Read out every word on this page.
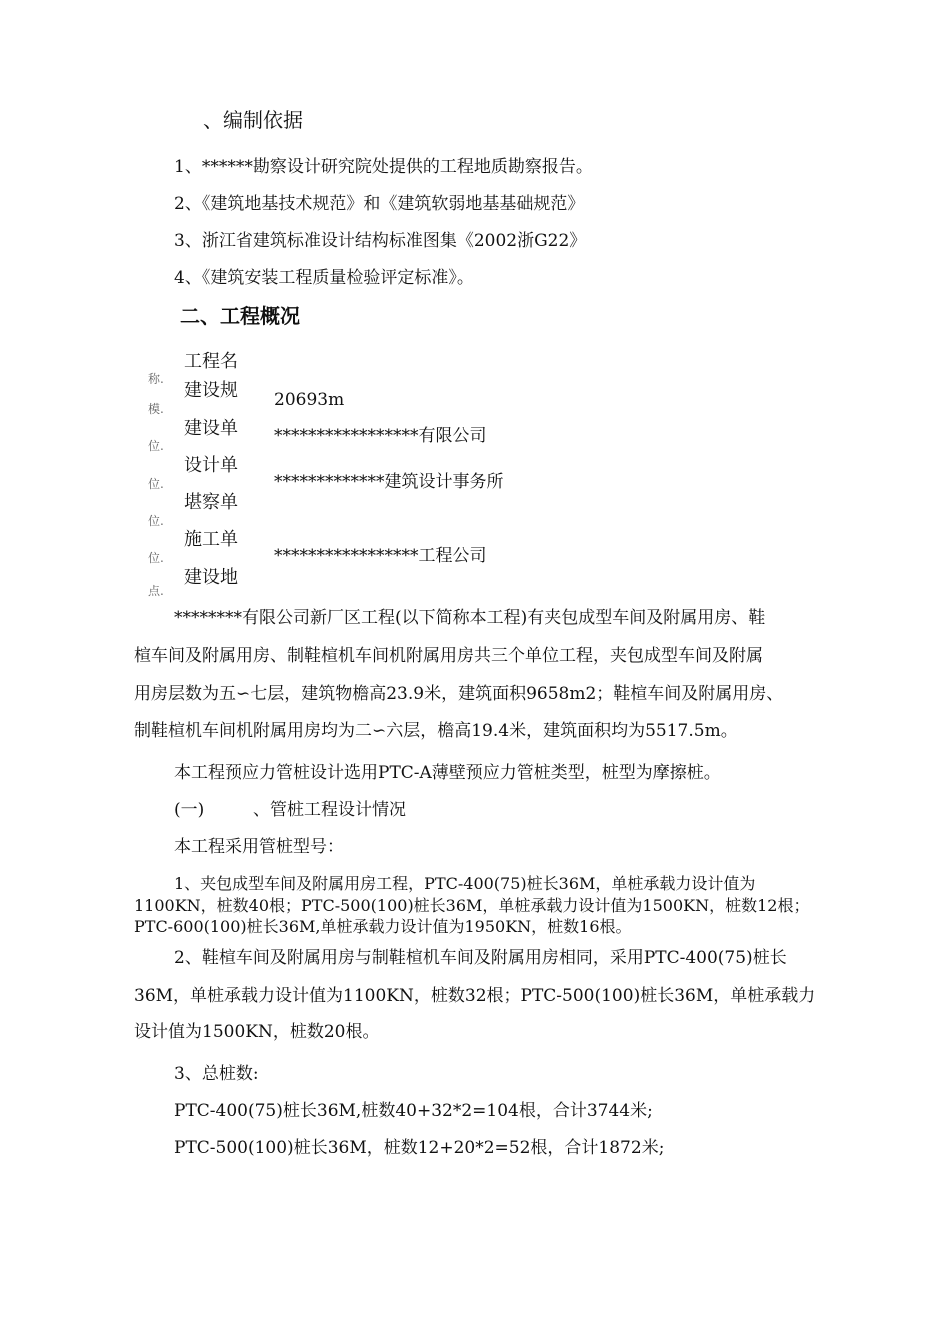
、编制依据
1、******勘察设计研究院处提供的工程地质勘察报告。
2、《建筑地基技术规范》和《建筑软弱地基基础规范》
3、浙江省建筑标准设计结构标准图集《2002浙G22》
4、《建筑安装工程质量检验评定标准》。
二、工程概况
称.
模.
位.
位.
位.
位.
点.
工程名
建设规
建设单
设计单
堪察单
施工单
建设地
20693m
*****************有限公司
*************建筑设计事务所
*****************工程公司
********有限公司新厂区工程(以下简称本工程)有夹包成型车间及附属用房、鞋
楦车间及附属用房、制鞋楦机车间机附属用房共三个单位工程，夹包成型车间及附属
用房层数为五∽七层，建筑物檐高23.9米，建筑面积9658m2；鞋楦车间及附属用房、
制鞋楦机车间机附属用房均为二∽六层，檐高19.4米，建筑面积均为5517.5m。
本工程预应力管桩设计选用PTC-A薄壁预应力管桩类型，桩型为摩擦桩。
(一)	、管桩工程设计情况
本工程采用管桩型号：
1、夹包成型车间及附属用房工程，PTC-400(75)桩长36M，单桩承载力设计值为
1100KN，桩数40根；PTC-500(100)桩长36M，单桩承载力设计值为1500KN，桩数12根；
PTC-600(100)桩长36M,单桩承载力设计值为1950KN，桩数16根。
2、鞋楦车间及附属用房与制鞋楦机车间及附属用房相同，采用PTC-400(75)桩长
36M，单桩承载力设计值为1100KN，桩数32根；PTC-500(100)桩长36M，单桩承载力
设计值为1500KN，桩数20根。
3、总桩数:
PTC-400(75)桩长36M,桩数40+32*2=104根，合计3744米;
PTC-500(100)桩长36M，桩数12+20*2=52根，合计1872米;
